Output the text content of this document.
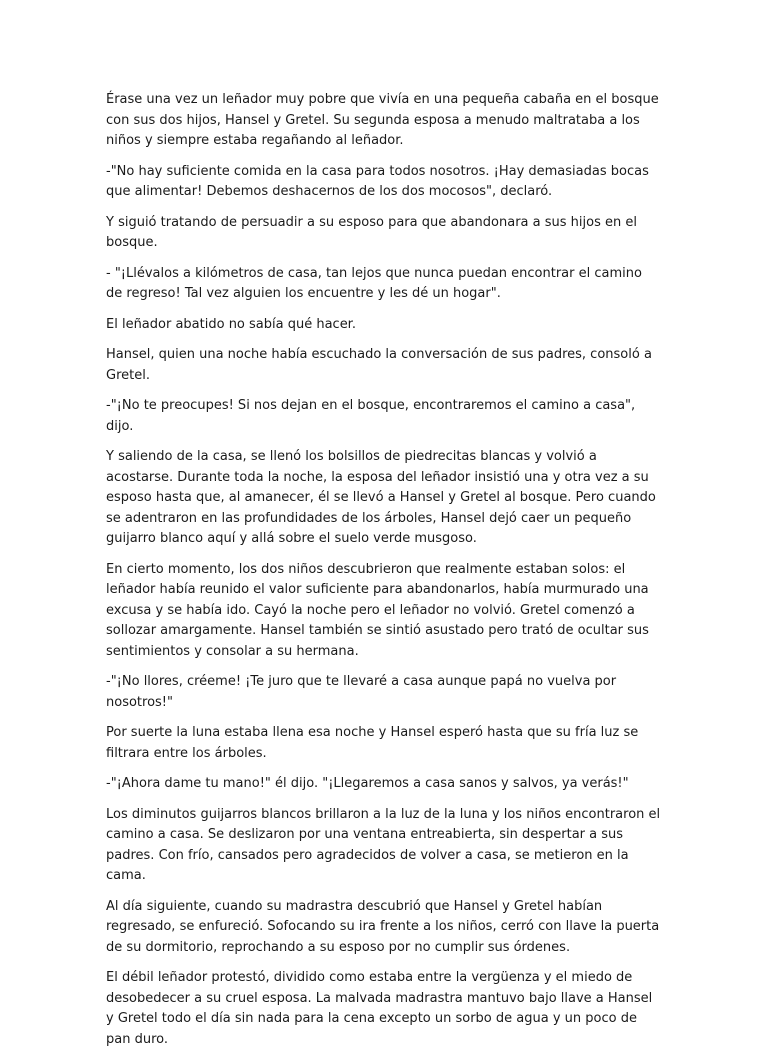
Érase una vez un leñador muy pobre que vivía en una pequeña cabaña en el bosque con sus dos hijos, Hansel y Gretel. Su segunda esposa a menudo maltrataba a los niños y siempre estaba regañando al leñador.

-"No hay suficiente comida en la casa para todos nosotros. ¡Hay demasiadas bocas que alimentar! Debemos deshacernos de los dos mocosos", declaró.

Y siguió tratando de persuadir a su esposo para que abandonara a sus hijos en el bosque.

- "¡Llévalos a kilómetros de casa, tan lejos que nunca puedan encontrar el camino de regreso! Tal vez alguien los encuentre y les dé un hogar".

El leñador abatido no sabía qué hacer.

Hansel, quien una noche había escuchado la conversación de sus padres, consoló a Gretel.

-"¡No te preocupes! Si nos dejan en el bosque, encontraremos el camino a casa", dijo.

Y saliendo de la casa, se llenó los bolsillos de piedrecitas blancas y volvió a acostarse. Durante toda la noche, la esposa del leñador insistió una y otra vez a su esposo hasta que, al amanecer, él se llevó a Hansel y Gretel al bosque. Pero cuando se adentraron en las profundidades de los árboles, Hansel dejó caer un pequeño guijarro blanco aquí y allá sobre el suelo verde musgoso.

En cierto momento, los dos niños descubrieron que realmente estaban solos: el leñador había reunido el valor suficiente para abandonarlos, había murmurado una excusa y se había ido. Cayó la noche pero el leñador no volvió. Gretel comenzó a sollozar amargamente. Hansel también se sintió asustado pero trató de ocultar sus sentimientos y consolar a su hermana.

-"¡No llores, créeme! ¡Te juro que te llevaré a casa aunque papá no vuelva por nosotros!"

Por suerte la luna estaba llena esa noche y Hansel esperó hasta que su fría luz se filtrara entre los árboles.

-"¡Ahora dame tu mano!" él dijo. "¡Llegaremos a casa sanos y salvos, ya verás!"

Los diminutos guijarros blancos brillaron a la luz de la luna y los niños encontraron el camino a casa. Se deslizaron por una ventana entreabierta, sin despertar a sus padres. Con frío, cansados pero agradecidos de volver a casa, se metieron en la cama.

Al día siguiente, cuando su madrastra descubrió que Hansel y Gretel habían regresado, se enfureció. Sofocando su ira frente a los niños, cerró con llave la puerta de su dormitorio, reprochando a su esposo por no cumplir sus órdenes.

El débil leñador protestó, dividido como estaba entre la vergüenza y el miedo de desobedecer a su cruel esposa. La malvada madrastra mantuvo bajo llave a Hansel y Gretel todo el día sin nada para la cena excepto un sorbo de agua y un poco de pan duro.
